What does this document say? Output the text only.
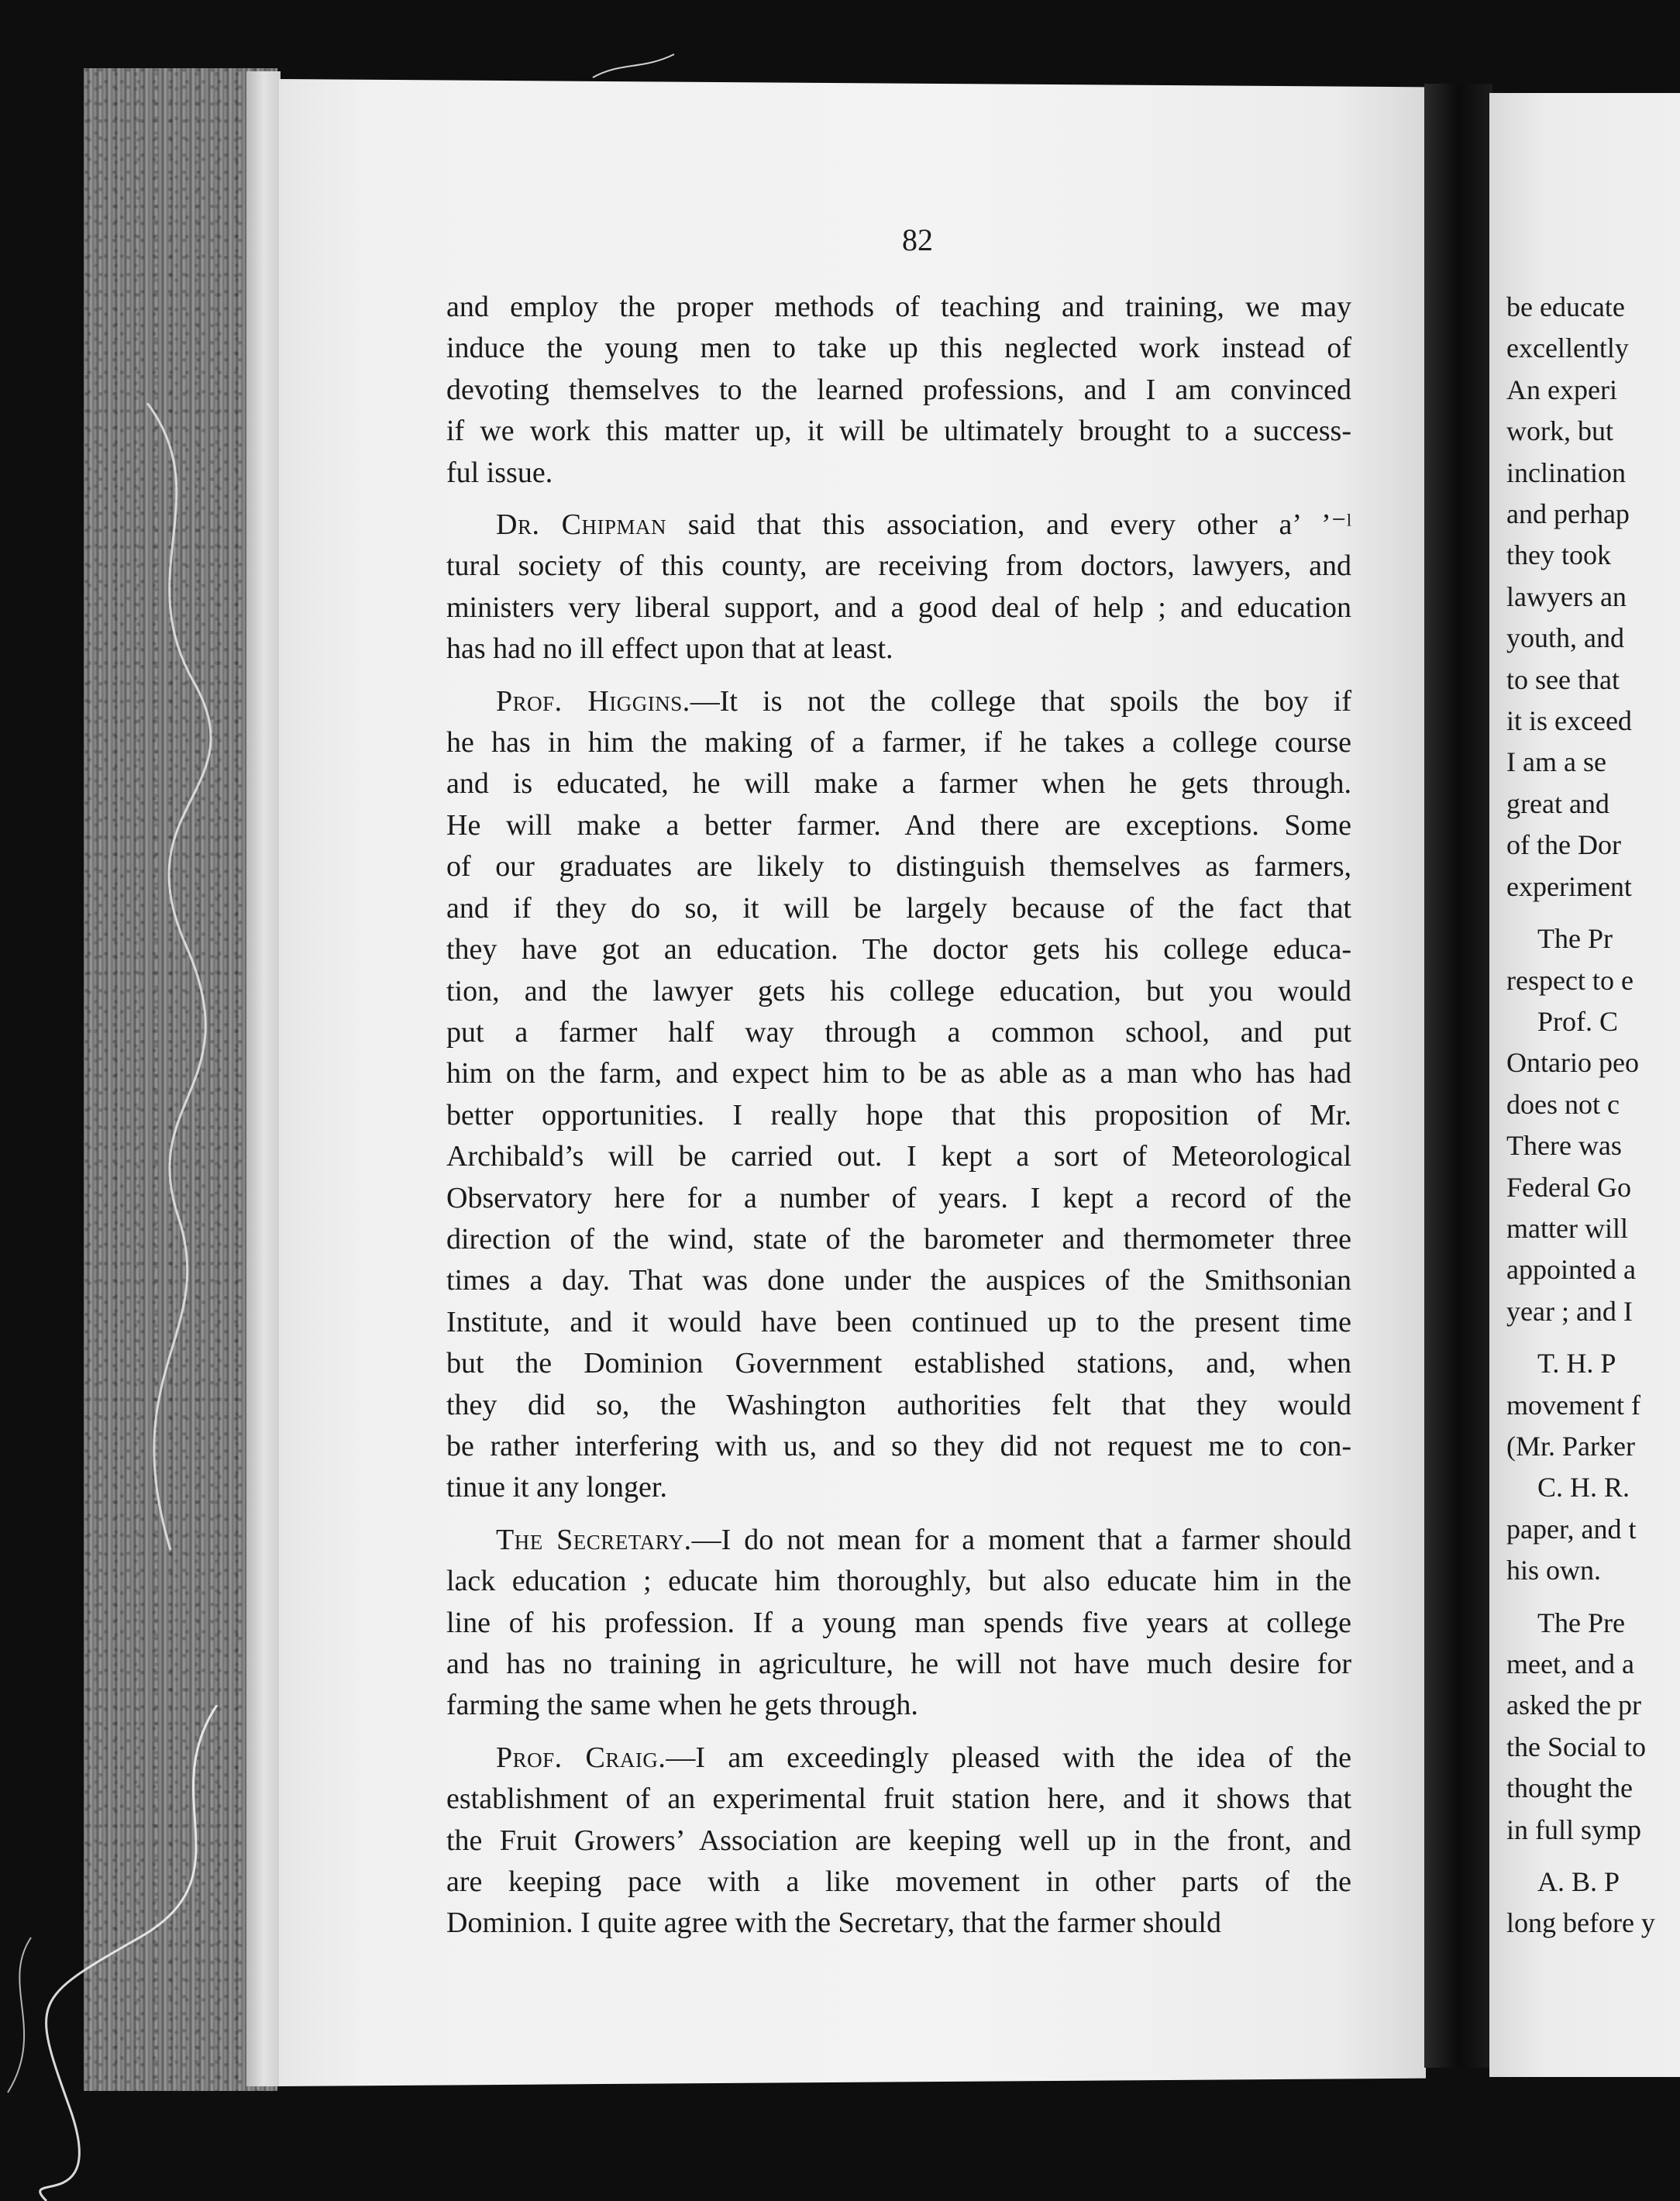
be educate
excellently
An experi
work, but
inclination
and perhap
they took
lawyers an
youth, and
to see that
it is exceed
I am a se
great and
of the Dor
experiment
The Pr
respect to e
Prof. C
Ontario peo
does not c
There was
Federal Go
matter will
appointed a
year ; and I
T. H. P
movement f
(Mr. Parker
C. H. R.
paper, and t
his own.
The Pre
meet, and a
asked the pr
the Social to
thought the
in full symp
A. B. P
long before y
82
and employ the proper methods of teaching and training, we may
induce the young men to take up this neglected work instead of
devoting themselves to the learned professions, and I am convinced
if we work this matter up, it will be ultimately brought to a success-
ful issue.
Dr. Chipman said that this association, and every other a’ ’⁻ˡ
tural society of this county, are receiving from doctors, lawyers, and
ministers very liberal support, and a good deal of help ; and education
has had no ill effect upon that at least.
Prof. Higgins.—It is not the college that spoils the boy if
he has in him the making of a farmer, if he takes a college course
and is educated, he will make a farmer when he gets through.
He will make a better farmer. And there are exceptions. Some
of our graduates are likely to distinguish themselves as farmers,
and if they do so, it will be largely because of the fact that
they have got an education. The doctor gets his college educa-
tion, and the lawyer gets his college education, but you would
put a farmer half way through a common school, and put
him on the farm, and expect him to be as able as a man who has had
better opportunities. I really hope that this proposition of Mr.
Archibald’s will be carried out. I kept a sort of Meteorological
Observatory here for a number of years. I kept a record of the
direction of the wind, state of the barometer and thermometer three
times a day. That was done under the auspices of the Smithsonian
Institute, and it would have been continued up to the present time
but the Dominion Government established stations, and, when
they did so, the Washington authorities felt that they would
be rather interfering with us, and so they did not request me to con-
tinue it any longer.
The Secretary.—I do not mean for a moment that a farmer should
lack education ; educate him thoroughly, but also educate him in the
line of his profession. If a young man spends five years at college
and has no training in agriculture, he will not have much desire for
farming the same when he gets through.
Prof. Craig.—I am exceedingly pleased with the idea of the
establishment of an experimental fruit station here, and it shows that
the Fruit Growers’ Association are keeping well up in the front, and
are keeping pace with a like movement in other parts of the
Dominion. I quite agree with the Secretary, that the farmer should
